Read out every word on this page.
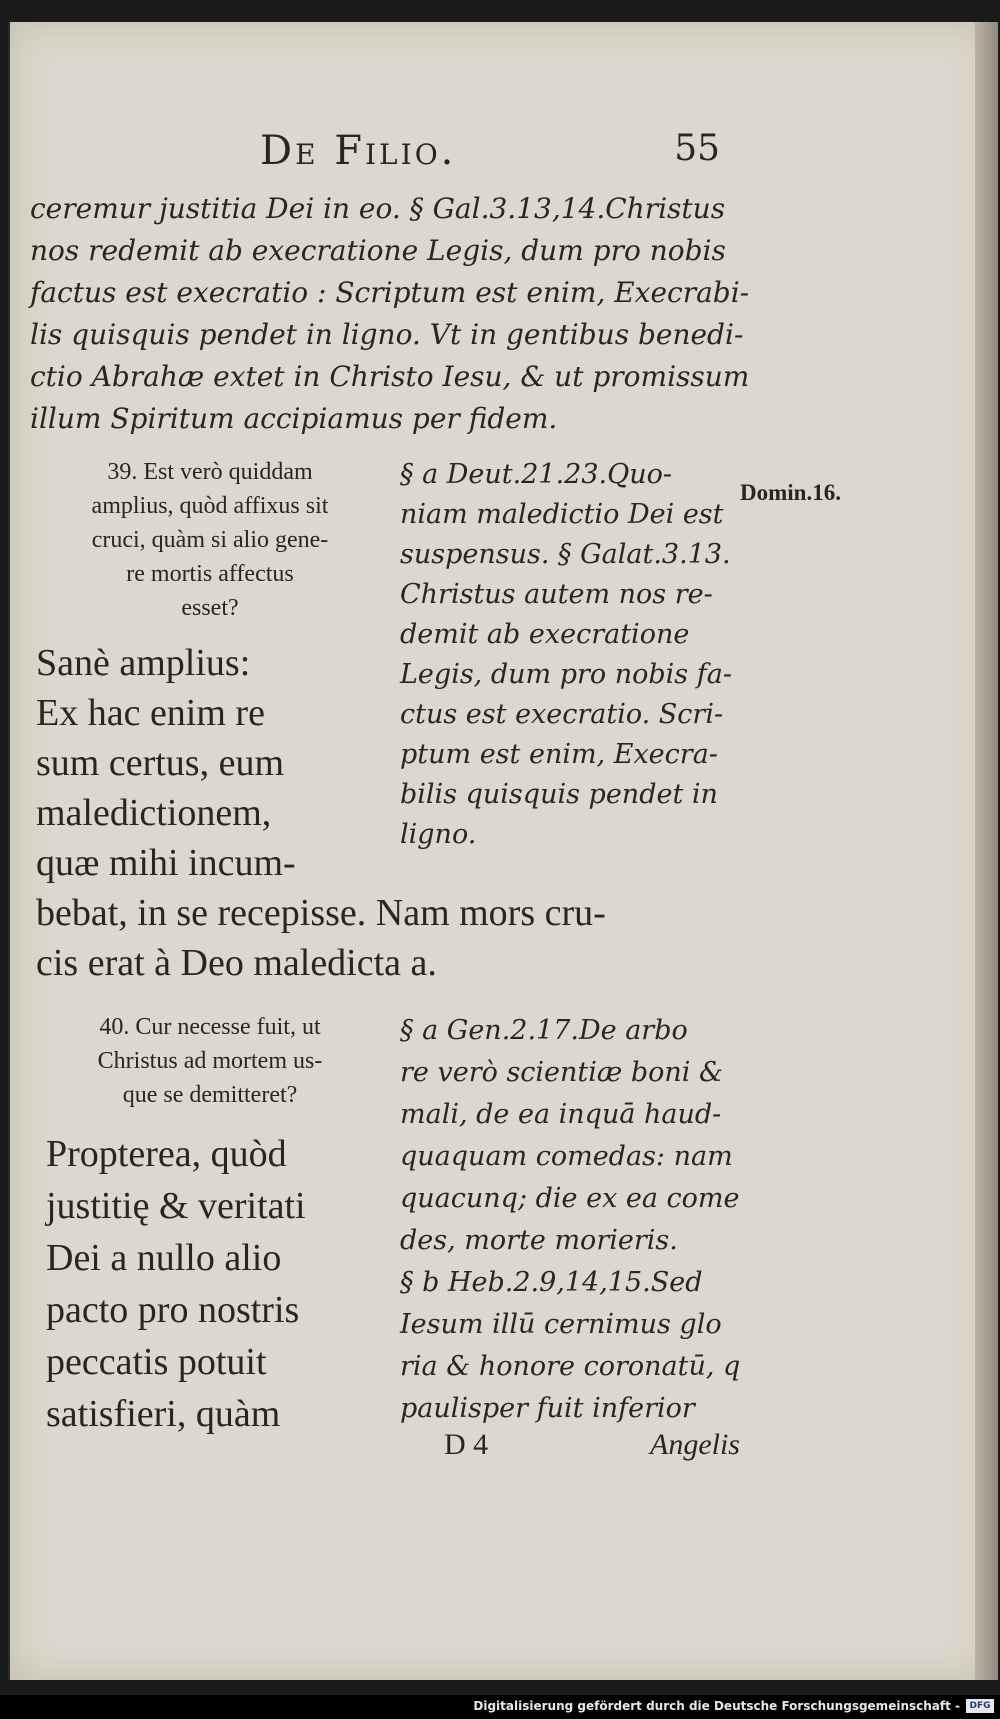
De Filio.	55
ceremur justitia Dei in eo. § Gal.3.13,14.Christus
nos redemit ab execratione Legis, dum pro nobis
factus est execratio : Scriptum est enim, Execrabi-
lis quisquis pendet in ligno. Vt in gentibus benedi-
ctio Abrahæ extet in Christo Iesu, & ut promissum
illum Spiritum accipiamus per fidem.
39. Est verò quiddam
amplius, quòd affixus sit
cruci, quàm si alio gene-
re mortis affectus
esset?
Sanè amplius:
Ex hac enim re
sum certus, eum
maledictionem,
quæ mihi incum-
bebat, in se recepisse. Nam mors cru-
cis erat à Deo maledicta a.
§ a Deut.21.23.Quo-
niam maledictio Dei est
suspensus. § Galat.3.13.
Christus autem nos re-
demit ab execratione
Legis, dum pro nobis fa-
ctus est execratio. Scri-
ptum est enim, Execra-
bilis quisquis pendet in
ligno.
Domin.16.
40. Cur necesse fuit, ut
Christus ad mortem us-
que se demitteret?
Propterea, quòd
justitię & veritati
Dei a nullo alio
pacto pro nostris
peccatis potuit
satisfieri, quàm
§ a Gen.2.17.De arbo
re verò scientiæ boni &
mali, de ea inquā haud-
quaquam comedas: nam
quacunq; die ex ea come
des, morte morieris.
§ b Heb.2.9,14,15.Sed
Iesum illū cernimus glo
ria & honore coronatū, q
paulisper fuit inferior
D 4	Angelis
Digitalisierung gefördert durch die Deutsche Forschungsgemeinschaft -	DFG
